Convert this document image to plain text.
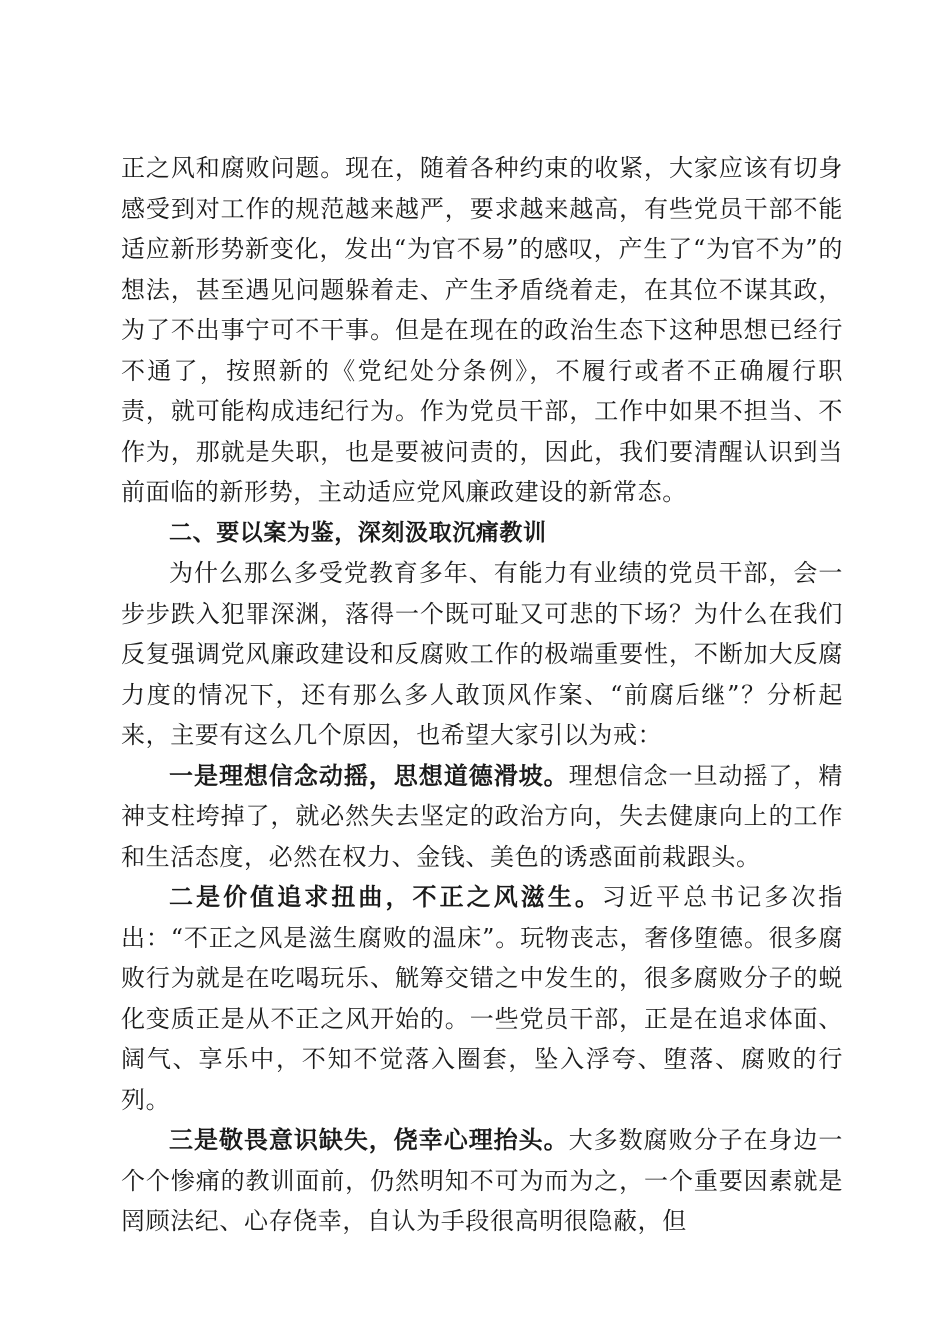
正之风和腐败问题。现在，随着各种约束的收紧，大家应该有切身感受到对工作的规范越来越严，要求越来越高，有些党员干部不能适应新形势新变化，发出“为官不易”的感叹，产生了“为官不为”的想法，甚至遇见问题躲着走、产生矛盾绕着走，在其位不谋其政，为了不出事宁可不干事。但是在现在的政治生态下这种思想已经行不通了，按照新的《党纪处分条例》，不履行或者不正确履行职责，就可能构成违纪行为。作为党员干部，工作中如果不担当、不作为，那就是失职，也是要被问责的，因此，我们要清醒认识到当前面临的新形势，主动适应党风廉政建设的新常态。

二、要以案为鉴，深刻汲取沉痛教训

为什么那么多受党教育多年、有能力有业绩的党员干部，会一步步跌入犯罪深渊，落得一个既可耻又可悲的下场？为什么在我们反复强调党风廉政建设和反腐败工作的极端重要性，不断加大反腐力度的情况下，还有那么多人敢顶风作案、“前腐后继”？分析起来，主要有这么几个原因，也希望大家引以为戒：

一是理想信念动摇，思想道德滑坡。理想信念一旦动摇了，精神支柱垮掉了，就必然失去坚定的政治方向，失去健康向上的工作和生活态度，必然在权力、金钱、美色的诱惑面前栽跟头。

二是价值追求扭曲，不正之风滋生。习近平总书记多次指出：“不正之风是滋生腐败的温床”。玩物丧志，奢侈堕德。很多腐败行为就是在吃喝玩乐、觥筹交错之中发生的，很多腐败分子的蜕化变质正是从不正之风开始的。一些党员干部，正是在追求体面、阔气、享乐中，不知不觉落入圈套，坠入浮夸、堕落、腐败的行列。

三是敬畏意识缺失，侥幸心理抬头。大多数腐败分子在身边一个个惨痛的教训面前，仍然明知不可为而为之，一个重要因素就是罔顾法纪、心存侥幸，自认为手段很高明很隐蔽，但
